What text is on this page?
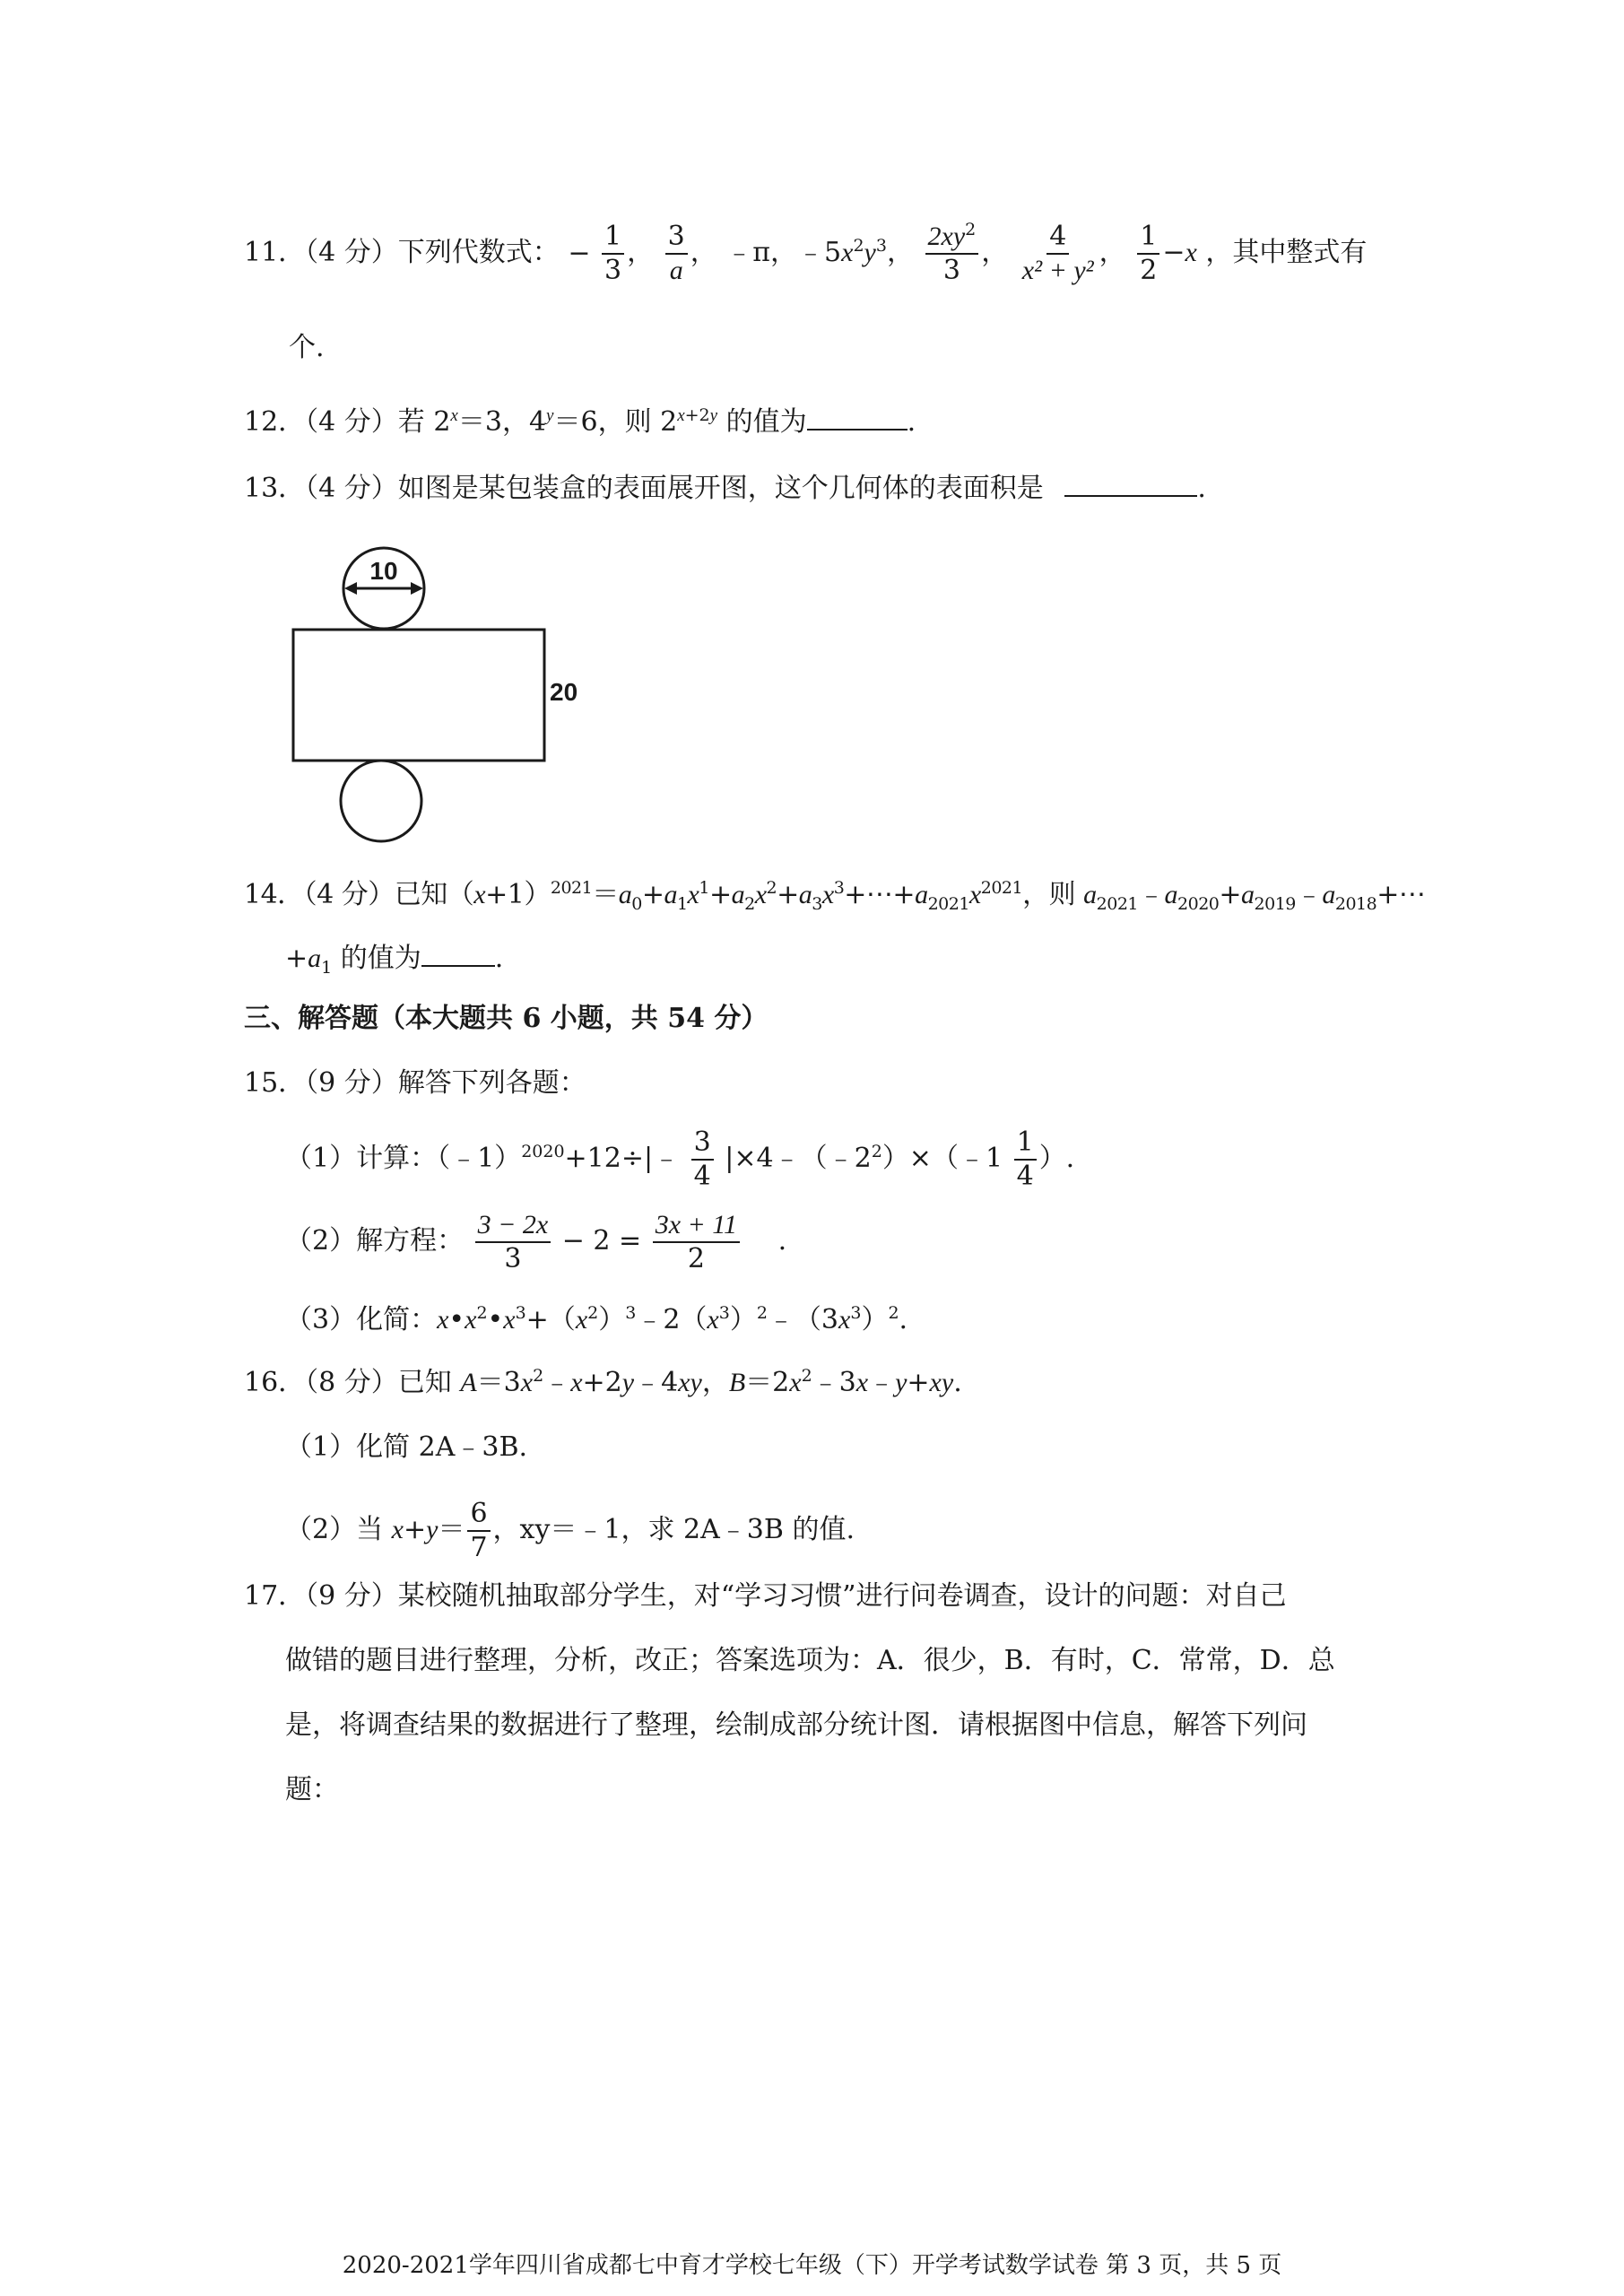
11．（4 分）下列代数式： − $\frac{1}{3}$ ， $\frac{3}{a}$ ， ﹣π，$﹣5x^2y^3$， $\frac{2xy^2}{3}$ ， $\frac{4}{\text{x² + y²}}$ ， $\frac{1}{2} -x$ ，其中整式有
个.
12．（4 分）若 $2^x=3$，$4^y=6$，则 $2^{x+2y}$ 的值为	.
13．（4 分）如图是某包装盒的表面展开图，这个几何体的表面积是	.
10
20
14．（4 分）已知$(x+1)^{2021}=a_0+a_1x^1+a_2x^2+a_3x^3+\cdots+a_{2021}x^{2021}$，则 $a_{2021}﹣a_{2020}+a_{2019}﹣a_{2018}+\cdots$
$+a_1$ 的值为	.
三、解答题（本大题共 6 小题，共 54 分）
15．（9 分）解答下列各题：
（1）计算：（﹣1）$^{2020}$+12÷|﹣ $\frac{3}{4}$ $|\times 4﹣(﹣2^2)\times(﹣1 \frac{1}{4}$ ）.
（2）解方程： $\frac{3 - 2x}{3} - 2 = \frac{3x + 11}{2}$ .
（3）化简：$x•x^2•x^3+(x^2)^3﹣2(x^3)^2﹣(3x^3)^2$.
16．（8 分）已知 $A=3x^2﹣x+2y﹣4xy$，$B=2x^2﹣3x﹣y+xy$.
（1）化简 2A﹣3B.
（2）当 $x+y= \frac{6}{7}$ ，xy＝﹣1，求 2A﹣3B 的值.
17．（9 分）某校随机抽取部分学生，对“学习习惯”进行问卷调查，设计的问题：对自己
做错的题目进行整理，分析，改正；答案选项为：A．很少，B．有时，C．常常，D．总
是，将调查结果的数据进行了整理，绘制成部分统计图．请根据图中信息，解答下列问
题：
2020-2021学年四川省成都七中育才学校七年级（下）开学考试数学试卷 第 3 页，共 5 页
